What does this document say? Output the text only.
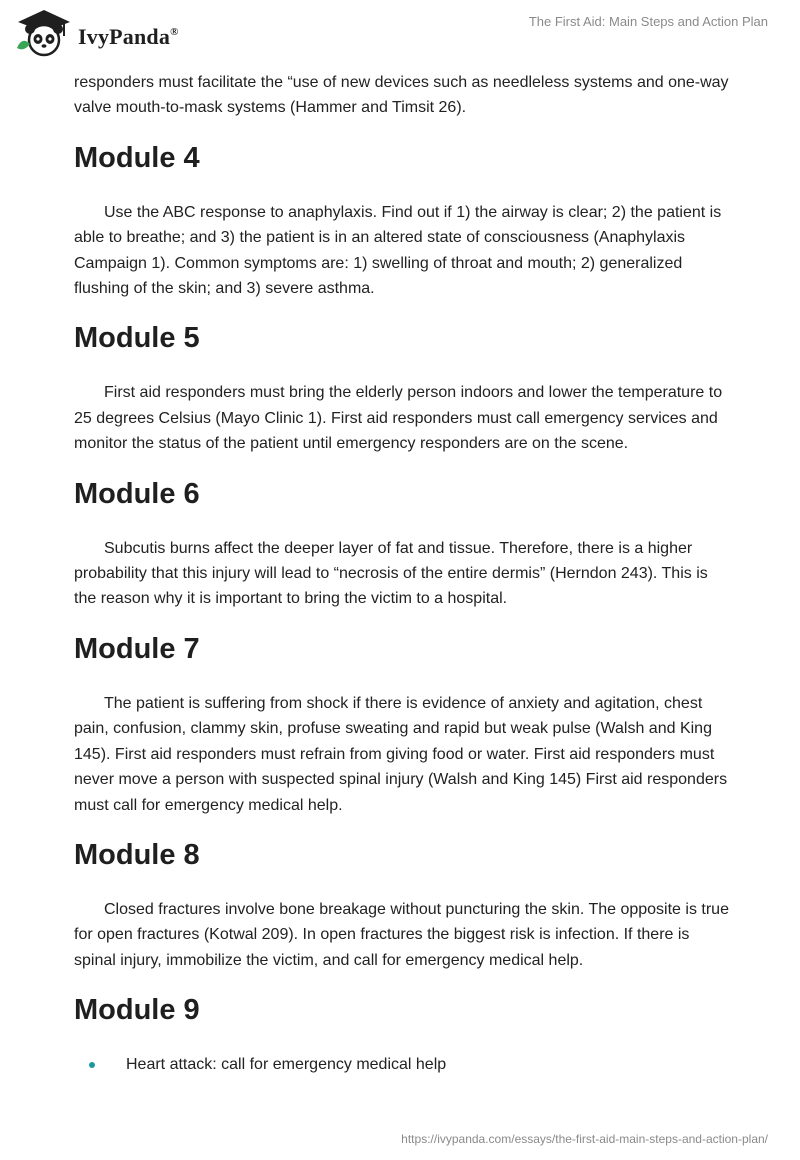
IvyPanda®
The First Aid: Main Steps and Action Plan

responders must facilitate the “use of new devices such as needleless systems and one-way valve mouth-to-mask systems (Hammer and Timsit 26).

Module 4

Use the ABC response to anaphylaxis. Find out if 1) the airway is clear; 2) the patient is able to breathe; and 3) the patient is in an altered state of consciousness (Anaphylaxis Campaign 1). Common symptoms are: 1) swelling of throat and mouth; 2) generalized flushing of the skin; and 3) severe asthma.

Module 5

First aid responders must bring the elderly person indoors and lower the temperature to 25 degrees Celsius (Mayo Clinic 1). First aid responders must call emergency services and monitor the status of the patient until emergency responders are on the scene.

Module 6

Subcutis burns affect the deeper layer of fat and tissue. Therefore, there is a higher probability that this injury will lead to “necrosis of the entire dermis” (Herndon 243). This is the reason why it is important to bring the victim to a hospital.

Module 7

The patient is suffering from shock if there is evidence of anxiety and agitation, chest pain, confusion, clammy skin, profuse sweating and rapid but weak pulse (Walsh and King 145). First aid responders must refrain from giving food or water. First aid responders must never move a person with suspected spinal injury (Walsh and King 145) First aid responders must call for emergency medical help.

Module 8

Closed fractures involve bone breakage without puncturing the skin. The opposite is true for open fractures (Kotwal 209). In open fractures the biggest risk is infection. If there is spinal injury, immobilize the victim, and call for emergency medical help.

Module 9
Heart attack: call for emergency medical help
https://ivypanda.com/essays/the-first-aid-main-steps-and-action-plan/
